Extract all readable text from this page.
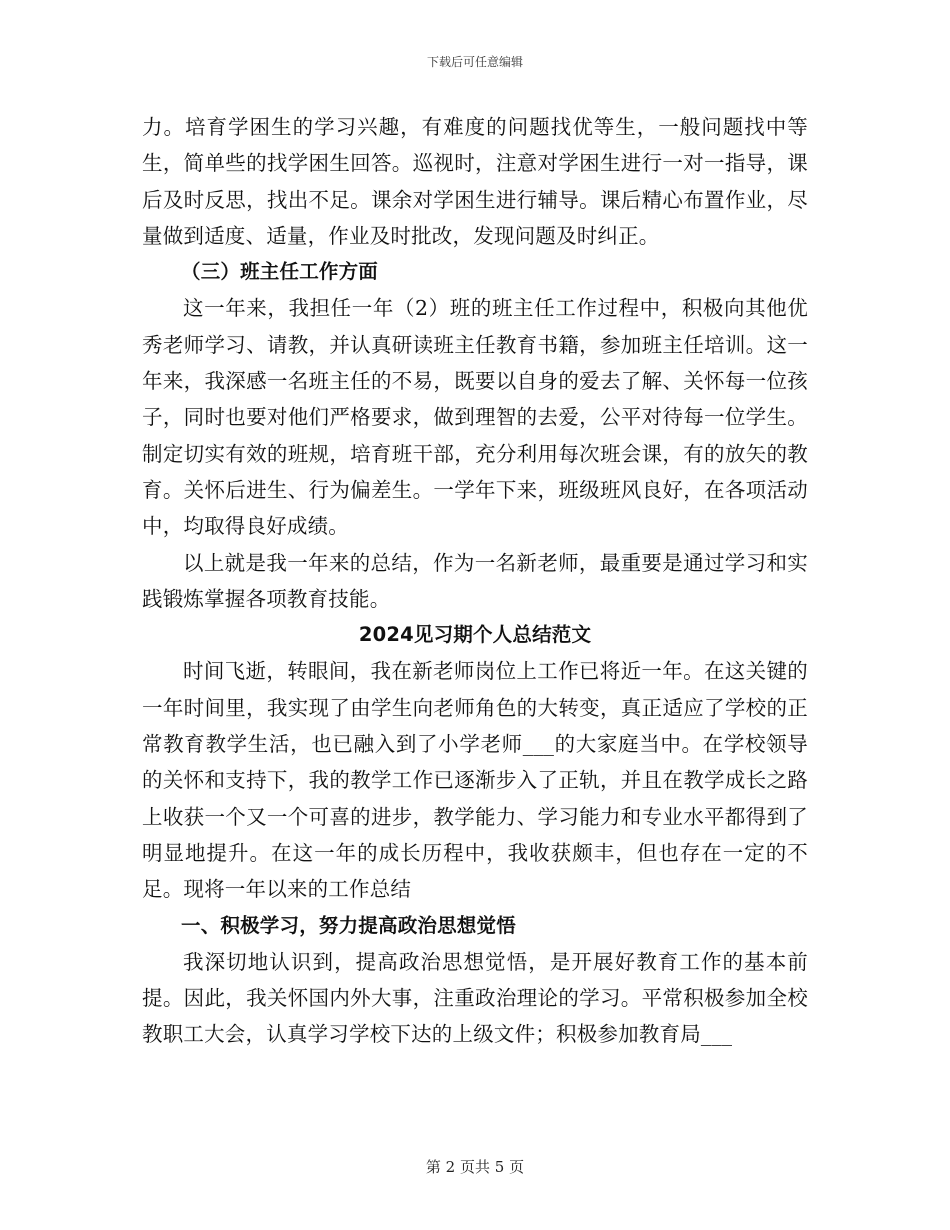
下载后可任意编辑

力。培育学困生的学习兴趣，有难度的问题找优等生，一般问题找中等生，简单些的找学困生回答。巡视时，注意对学困生进行一对一指导，课后及时反思，找出不足。课余对学困生进行辅导。课后精心布置作业，尽量做到适度、适量，作业及时批改，发现问题及时纠正。

（三）班主任工作方面

这一年来，我担任一年（2）班的班主任工作过程中，积极向其他优秀老师学习、请教，并认真研读班主任教育书籍，参加班主任培训。这一年来，我深感一名班主任的不易，既要以自身的爱去了解、关怀每一位孩子，同时也要对他们严格要求，做到理智的去爱，公平对待每一位学生。制定切实有效的班规，培育班干部，充分利用每次班会课，有的放矢的教育。关怀后进生、行为偏差生。一学年下来，班级班风良好，在各项活动中，均取得良好成绩。

以上就是我一年来的总结，作为一名新老师，最重要是通过学习和实践锻炼掌握各项教育技能。

2024见习期个人总结范文

时间飞逝，转眼间，我在新老师岗位上工作已将近一年。在这关键的一年时间里，我实现了由学生向老师角色的大转变，真正适应了学校的正常教育教学生活，也已融入到了小学老师___的大家庭当中。在学校领导的关怀和支持下，我的教学工作已逐渐步入了正轨，并且在教学成长之路上收获一个又一个可喜的进步，教学能力、学习能力和专业水平都得到了明显地提升。在这一年的成长历程中，我收获颇丰，但也存在一定的不足。现将一年以来的工作总结

一、积极学习，努力提高政治思想觉悟

我深切地认识到，提高政治思想觉悟，是开展好教育工作的基本前提。因此，我关怀国内外大事，注重政治理论的学习。平常积极参加全校教职工大会，认真学习学校下达的上级文件；积极参加教育局___

第 2 页共 5 页
